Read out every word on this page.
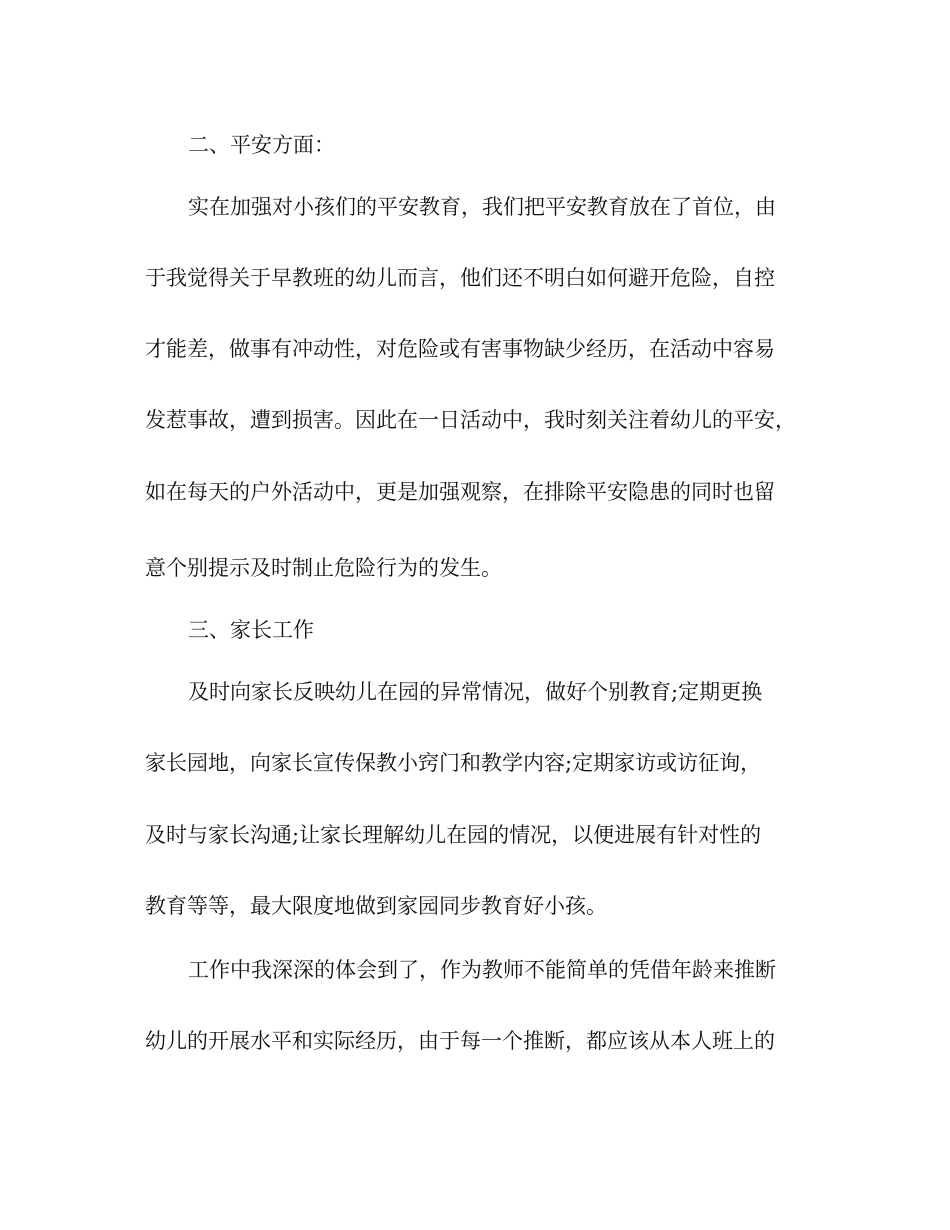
二、平安方面：
实在加强对小孩们的平安教育，我们把平安教育放在了首位，由
于我觉得关于早教班的幼儿而言，他们还不明白如何避开危险，自控
才能差，做事有冲动性，对危险或有害事物缺少经历，在活动中容易
发惹事故，遭到损害。因此在一日活动中，我时刻关注着幼儿的平安，
如在每天的户外活动中，更是加强观察，在排除平安隐患的同时也留
意个别提示及时制止危险行为的发生。
三、家长工作
及时向家长反映幼儿在园的异常情况，做好个别教育;定期更换
家长园地，向家长宣传保教小窍门和教学内容;定期家访或访征询，
及时与家长沟通;让家长理解幼儿在园的情况，以便进展有针对性的
教育等等，最大限度地做到家园同步教育好小孩。
工作中我深深的体会到了，作为教师不能简单的凭借年龄来推断
幼儿的开展水平和实际经历，由于每一个推断，都应该从本人班上的
